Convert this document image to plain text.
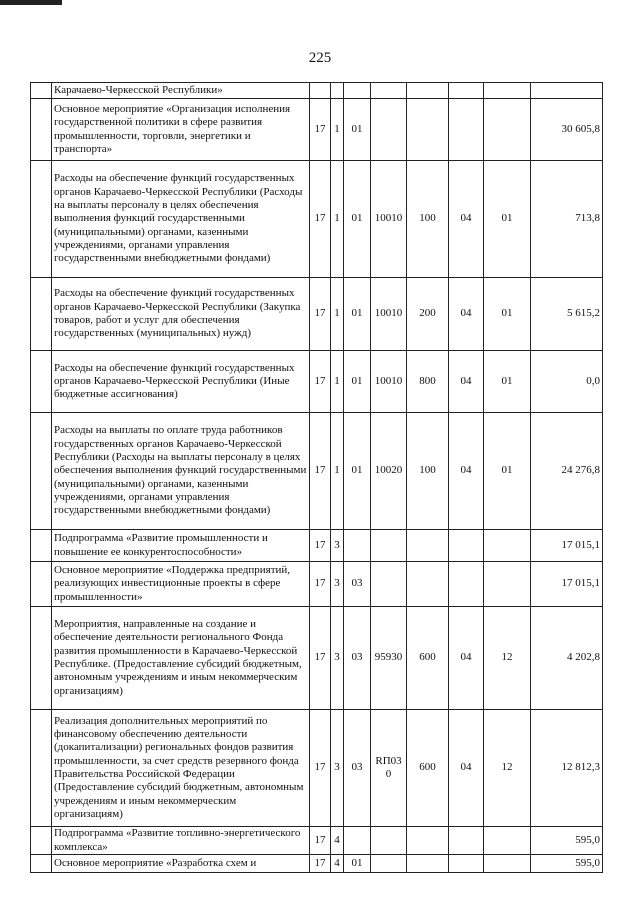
225
	Карачаево-Черкесской Республики»								
	Основное мероприятие «Организация исполнения государственной политики в сфере развития промышленности, торговли, энергетики и транспорта»	17	1	01					30 605,8
	Расходы на обеспечение функций государственных органов Карачаево-Черкесской Республики (Расходы на выплаты персоналу в целях обеспечения выполнения функций государственными (муниципальными) органами, казенными учреждениями, органами управления государственными внебюджетными фондами)	17	1	01	10010	100	04	01	713,8
	Расходы на обеспечение функций государственных органов Карачаево-Черкесской Республики (Закупка товаров, работ и услуг для обеспечения государственных (муниципальных) нужд)	17	1	01	10010	200	04	01	5 615,2
	Расходы на обеспечение функций государственных органов Карачаево-Черкесской Республики (Иные бюджетные ассигнования)	17	1	01	10010	800	04	01	0,0
	Расходы на выплаты по оплате труда работников государственных органов Карачаево-Черкесской Республики (Расходы на выплаты персоналу в целях обеспечения выполнения функций государственными (муниципальными) органами, казенными учреждениями, органами управления государственными внебюджетными фондами)	17	1	01	10020	100	04	01	24 276,8
	Подпрограмма «Развитие промышленности и повышение ее конкурентоспособности»	17	3						17 015,1
	Основное мероприятие «Поддержка предприятий, реализующих инвестиционные проекты в сфере промышленности»	17	3	03					17 015,1
	Мероприятия, направленные на создание и обеспечение деятельности регионального Фонда развития промышленности в Карачаево-Черкесской Республике. (Предоставление субсидий бюджетным, автономным учреждениям и иным некоммерческим организациям)	17	3	03	95930	600	04	12	4 202,8
	Реализация дополнительных мероприятий по финансовому обеспечению деятельности (докапитализации) региональных фондов развития промышленности, за счет средств резервного фонда Правительства Российской Федерации (Предоставление субсидий бюджетным, автономным учреждениям и иным некоммерческим организациям)	17	3	03	RП030	600	04	12	12 812,3
	Подпрограмма «Развитие топливно-энергетического комплекса»	17	4						595,0
	Основное мероприятие «Разработка схем и	17	4	01					595,0
